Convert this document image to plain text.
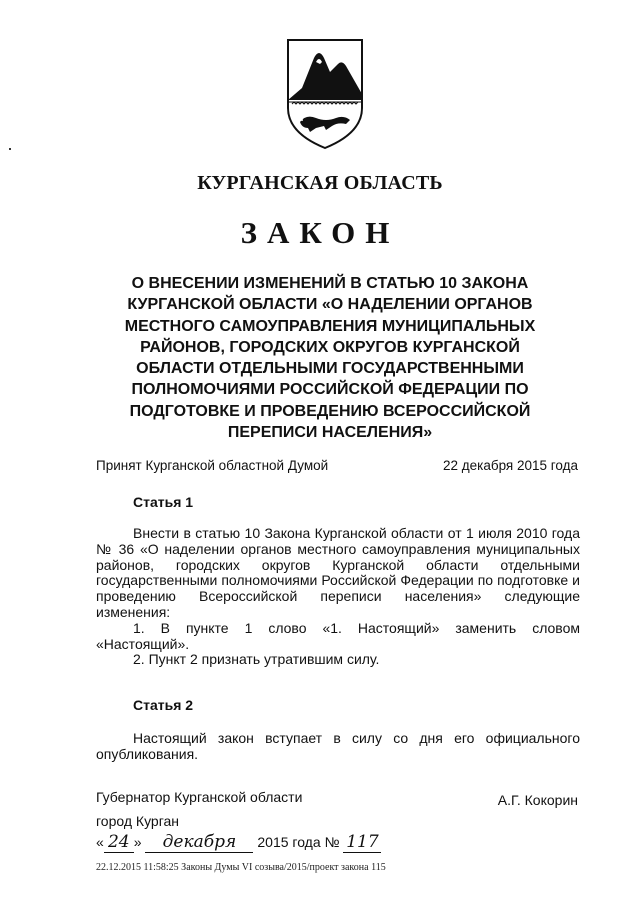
КУРГАНСКАЯ ОБЛАСТЬ
ЗАКОН
О ВНЕСЕНИИ ИЗМЕНЕНИЙ В СТАТЬЮ 10 ЗАКОНА КУРГАНСКОЙ ОБЛАСТИ «О НАДЕЛЕНИИ ОРГАНОВ МЕСТНОГО САМОУПРАВЛЕНИЯ МУНИЦИПАЛЬНЫХ РАЙОНОВ, ГОРОДСКИХ ОКРУГОВ КУРГАНСКОЙ ОБЛАСТИ ОТДЕЛЬНЫМИ ГОСУДАРСТВЕННЫМИ ПОЛНОМОЧИЯМИ РОССИЙСКОЙ ФЕДЕРАЦИИ ПО ПОДГОТОВКЕ И ПРОВЕДЕНИЮ ВСЕРОССИЙСКОЙ ПЕРЕПИСИ НАСЕЛЕНИЯ»
Принят Курганской областной Думой	22 декабря 2015 года
Статья 1

Внести в статью 10 Закона Курганской области от 1 июля 2010 года № 36 «О наделении органов местного самоуправления муниципальных районов, городских округов Курганской области отдельными государственными полномочиями Российской Федерации по подготовке и проведению Всероссийской переписи населения» следующие изменения:

1. В пункте 1 слово «1. Настоящий» заменить словом «Настоящий».

2. Пункт 2 признать утратившим силу.

Статья 2

Настоящий закон вступает в силу со дня его официального опубликования.

Губернатор Курганской области	А.Г. Кокорин
город Курган
« 24 » декабря 2015 года № 117
22.12.2015 11:58:25 Законы Думы VI созыва/2015/проект закона 115
